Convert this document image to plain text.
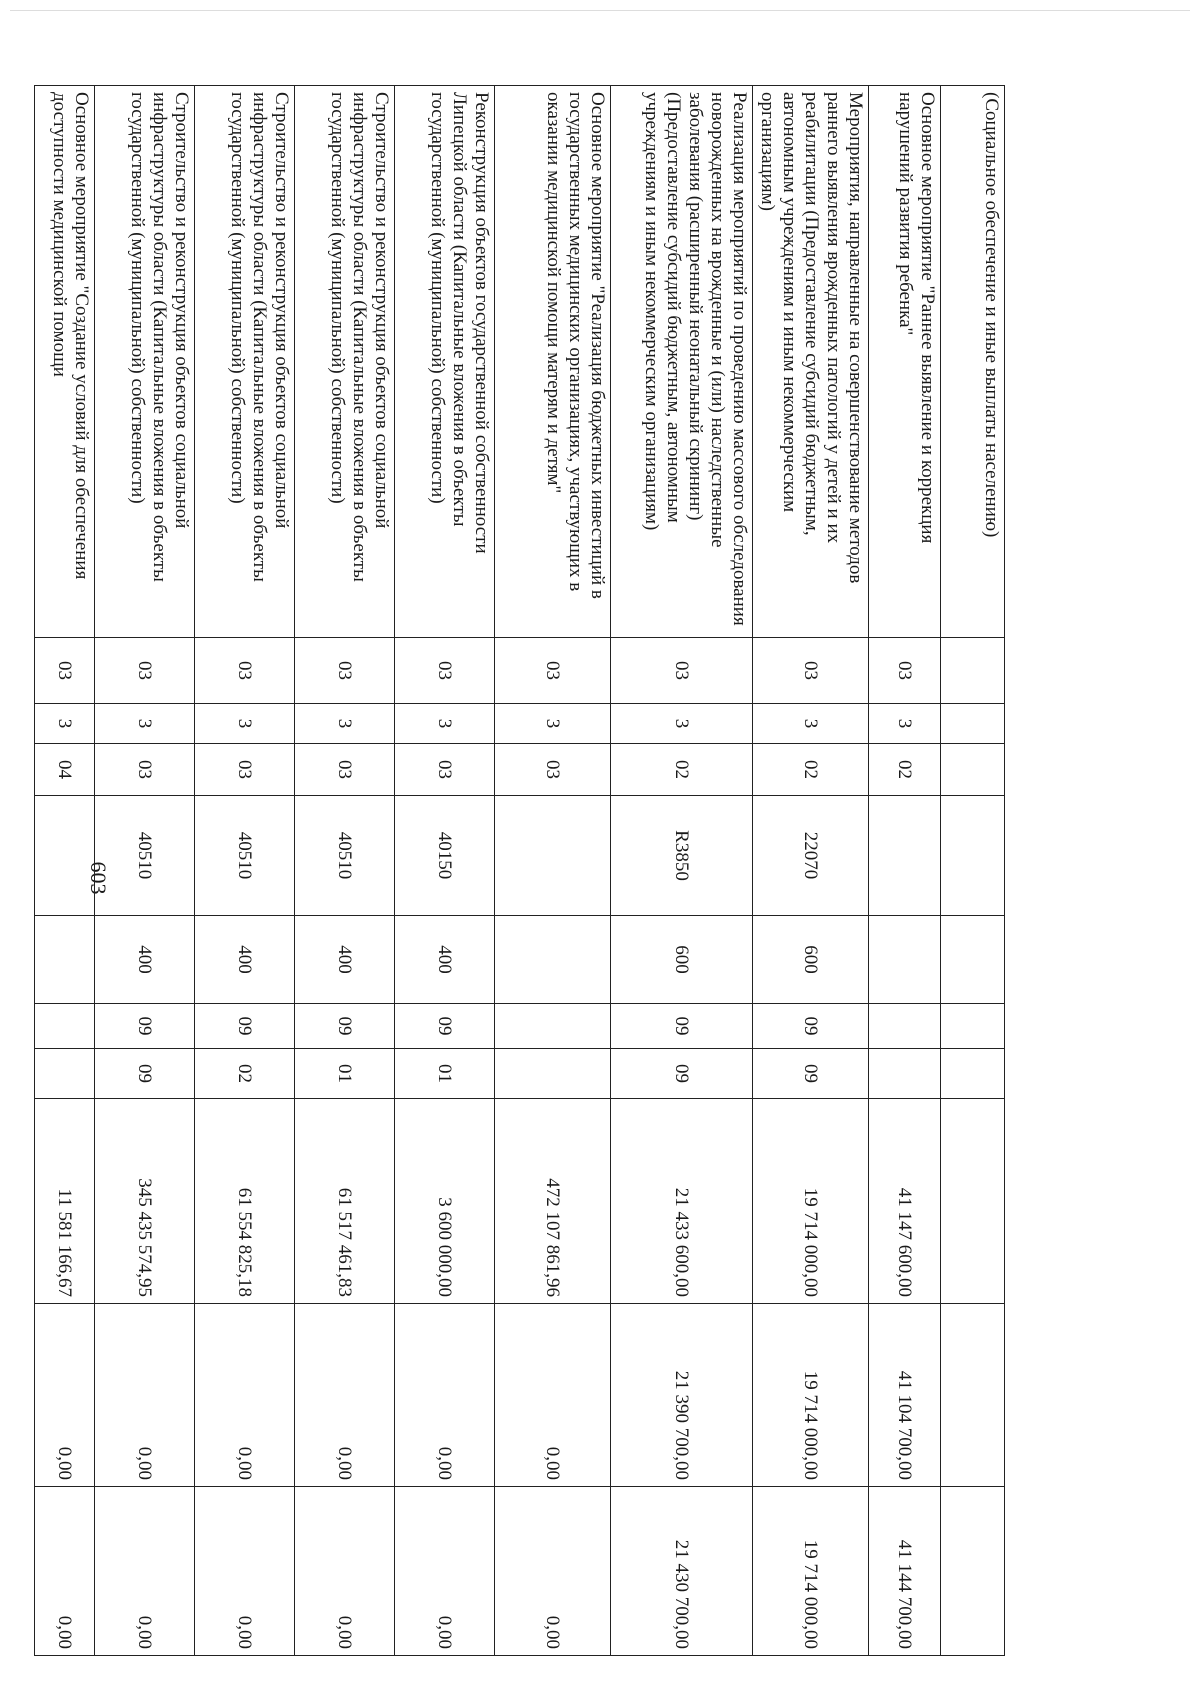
603
(Социальное обеспечение и иные выплаты населению)										
Основное мероприятие "Раннее выявление и коррекция нарушений развития ребенка"	03	3	02					41 147 600,00	41 104 700,00	41 144 700,00
Мероприятия, направленные на совершенствование методов раннего выявления врожденных патологий у детей и их реабилитации (Предоставление субсидий бюджетным, автономным учреждениям и иным некоммерческим организациям)	03	3	02	22070	600	09	09	19 714 000,00	19 714 000,00	19 714 000,00
Реализация мероприятий по проведению массового обследования новорожденных на врожденные и (или) наследственные заболевания (расширенный неонатальный скрининг) (Предоставление субсидий бюджетным, автономным учреждениям и иным некоммерческим организациям)	03	3	02	R3850	600	09	09	21 433 600,00	21 390 700,00	21 430 700,00
Основное мероприятие "Реализация бюджетных инвестиций в государственных медицинских организациях, участвующих в оказании медицинской помощи матерям и детям"	03	3	03					472 107 861,96	0,00	0,00
Реконструкция объектов государственной собственности Липецкой области (Капитальные вложения в объекты государственной (муниципальной) собственности)	03	3	03	40150	400	09	01	3 600 000,00	0,00	0,00
Строительство и реконструкция объектов социальной инфраструктуры области (Капитальные вложения в объекты государственной (муниципальной) собственности)	03	3	03	40510	400	09	01	61 517 461,83	0,00	0,00
Строительство и реконструкция объектов социальной инфраструктуры области (Капитальные вложения в объекты государственной (муниципальной) собственности)	03	3	03	40510	400	09	02	61 554 825,18	0,00	0,00
Строительство и реконструкция объектов социальной инфраструктуры области (Капитальные вложения в объекты государственной (муниципальной) собственности)	03	3	03	40510	400	09	09	345 435 574,95	0,00	0,00
Основное мероприятие "Создание условий для обеспечения доступности медицинской помощи	03	3	04					11 581 166,67	0,00	0,00
